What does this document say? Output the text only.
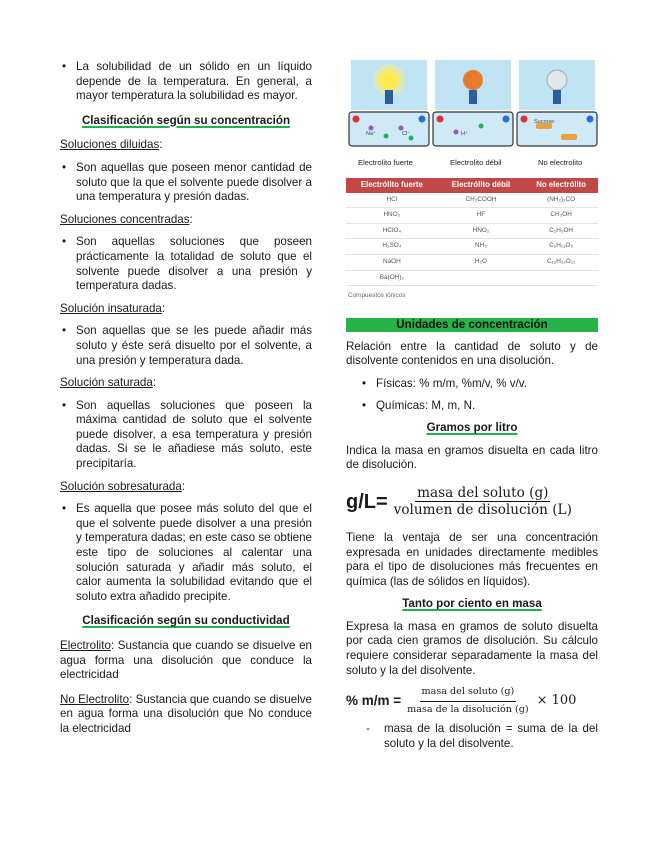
• La solubilidad de un sólido en un líquido depende de la temperatura. En general, a mayor temperatura la solubilidad es mayor.
Clasificación según su concentración
Soluciones diluidas:
• Son aquellas que poseen menor cantidad de soluto que la que el solvente puede disolver a una temperatura y presión dadas.
Soluciones concentradas:
• Son aquellas soluciones que poseen prácticamente la totalidad de soluto que el solvente puede disolver a una presión y temperatura dadas.
Solución insaturada:
• Son aquellas que se les puede añadir más soluto y éste será disuelto por el solvente, a una presión y temperatura dada.
Solución saturada:
• Son aquellas soluciones que poseen la máxima cantidad de soluto que el solvente puede disolver, a esa temperatura y presión dadas. Si se le añadiese más soluto, este precipitaría.
Solución sobresaturada:
• Es aquella que posee más soluto del que el que el solvente puede disolver a una presión y temperatura dadas; en este caso se obtiene este tipo de soluciones al calentar una solución saturada y añadir más soluto, el calor aumenta la solubilidad evitando que el soluto extra añadido precipite.
Clasificación según su conductividad

Electrolito: Sustancia que cuando se disuelve en agua forma una disolución que conduce la electricidad

No Electrolito: Sustancia que cuando se disuelve en agua forma una disolución que No conduce la electricidad

Na⁺	Cl⁻	H⁺
Sucrose
Electrolito fuerte	Electrolito débil	No electrolito
Electrólito fuerte	Electrólito débil	No electrólito
HCl	CH₃COOH	(NH₂)₂CO
HNO₃	HF	CH₃OH
HClO₄	HNO₂	C₂H₅OH
H₂SO₄	NH₃	C₆H₁₂O₆
NaOH	H₂O	C₁₂H₂₂O₁₁
Ba(OH)₂		
Compuestos iónicos
Unidades de concentración

Relación entre la cantidad de soluto y de disolvente contenidos en una disolución.

• Físicas: % m/m, %m/v, % v/v.
• Químicas: M, m, N.
Gramos por litro

Indica la masa en gramos disuelta en cada litro de disolución.

$g/L= \frac{\text{masa del soluto (g)}}{\text{volumen de disolución (L)}}$

Tiene la ventaja de ser una concentración expresada en unidades directamente medibles para el tipo de disoluciones más frecuentes en química (las de sólidos en líquidos).

Tanto por ciento en masa

Expresa la masa en gramos de soluto disuelta por cada cien gramos de disolución. Su cálculo requiere considerar separadamente la masa del soluto y la del disolvente.

% $m/m = \frac{\text{masa del soluto (g)}}{\text{masa de la disolución (g)}} \times 100$
- masa de la disolución = suma de la del soluto y la del disolvente.
